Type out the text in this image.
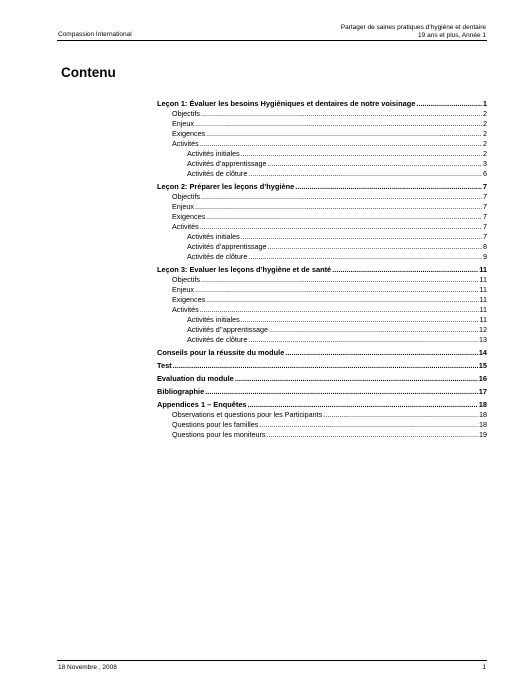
Compassion International
Partager de saines pratiques d’hygiène et dentaire
19 ans et plus, Année 1
Contenu
Leçon 1: Évaluer les besoins Hygiéniques et dentaires de notre voisinage .....	1
Objectifs .....	2
Enjeux .....	2
Exigences .....	2
Activités .....	2
Activités initiales .....	2
Activités d’apprentissage .....	3
Activités de clôture .....	6
Leçon 2: Préparer les leçons d’hygiène .....	7
Objectifs .....	7
Enjeux .....	7
Exigences .....	7
Activités .....	7
Activités initiales .....	7
Activités d’apprentissage .....	8
Activités de clôture .....	9
Leçon 3: Evaluer les leçons d’hygiène et de santé .....	11
Objectifs .....	11
Enjeux .....	11
Exigences .....	11
Activités .....	11
Activités initiales .....	11
Activités d’’apprentissage .....	12
Activités de clôture .....	13
Conseils pour la réussite du module .....	14
Test .....	15
Evaluation du module .....	16
Bibliographie .....	17
Appendices 1 – Enquêtes .....	18
Observations et questions pour les Participants .....	18
Questions pour les familles .....	18
Questions pour les moniteurs .....	19
18 Novembre , 2008	1
